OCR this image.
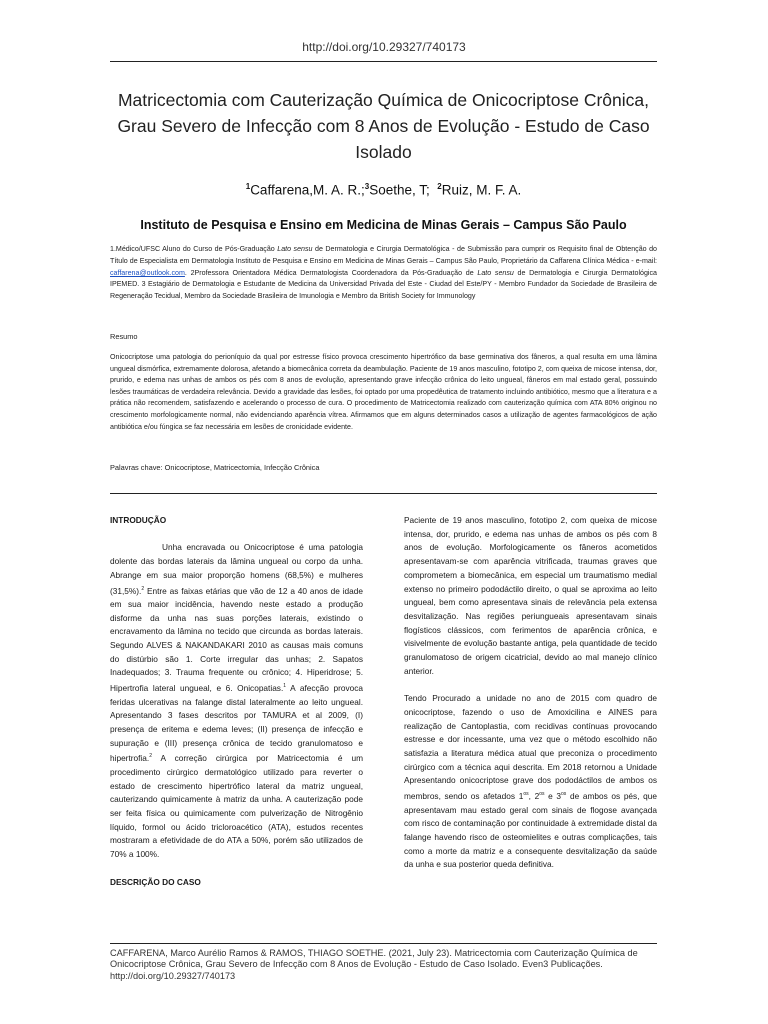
http://doi.org/10.29327/740173
Matricectomia com Cauterização Química de Onicocriptose Crônica, Grau Severo de Infecção com 8 Anos de Evolução - Estudo de Caso Isolado
$^1$Caffarena,M. A. R.;$^3$Soethe, T; $^2$Ruiz, M. F. A.
Instituto de Pesquisa e Ensino em Medicina de Minas Gerais – Campus São Paulo
1.Médico/UFSC Aluno do Curso de Pós-Graduação Lato sensu de Dermatologia e Cirurgia Dermatológica - de Submissão para cumprir os Requisito final de Obtenção do Título de Especialista em Dermatologia Instituto de Pesquisa e Ensino em Medicina de Minas Gerais – Campus São Paulo, Proprietário da Caffarena Clínica Médica - e-mail: caffarena@outlook.com. 2Professora Orientadora Médica Dermatologista Coordenadora da Pós-Graduação de Lato sensu de Dermatologia e Cirurgia Dermatológica IPEMED. 3 Estagiário de Dermatologia e Estudante de Medicina da Universidad Privada del Este - Ciudad del Este/PY - Membro Fundador da Sociedade de Brasileira de Regeneração Tecidual, Membro da Sociedade Brasileira de Imunologia e Membro da British Society for Immunology
Resumo
Onicocriptose uma patologia do perioníquio da qual por estresse físico provoca crescimento hipertrófico da base germinativa dos fâneros, a qual resulta em uma lâmina ungueal dismórfica, extremamente dolorosa, afetando a biomecânica correta da deambulação. Paciente de 19 anos masculino, fototipo 2, com queixa de micose intensa, dor, prurido, e edema nas unhas de ambos os pés com 8 anos de evolução, apresentando grave infecção crônica do leito ungueal, fâneros em mal estado geral, possuindo lesões traumáticas de verdadeira relevância. Devido a gravidade das lesões, foi optado por uma propedêutica de tratamento incluindo antibiótico, mesmo que a literatura e a prática não recomendem, satisfazendo e acelerando o processo de cura. O procedimento de Matricectomia realizado com cauterização química com ATA 80% originou no crescimento morfologicamente normal, não evidenciando aparência vítrea. Afirmamos que em alguns determinados casos a utilização de agentes farmacológicos de ação antibiótica e/ou fúngica se faz necessária em lesões de cronicidade evidente.
Palavras chave: Onicocriptose, Matricectomia, Infecção Crônica
INTRODUÇÃO

Unha encravada ou Onicocriptose é uma patologia dolente das bordas laterais da lâmina ungueal ou corpo da unha. Abrange em sua maior proporção homens (68,5%) e mulheres (31,5%).$^2$ Entre as faixas etárias que vão de 12 a 40 anos de idade em sua maior incidência, havendo neste estado a produção disforme da unha nas suas porções laterais, existindo o encravamento da lâmina no tecido que circunda as bordas laterais. Segundo ALVES & NAKANDAKARI 2010 as causas mais comuns do distúrbio são 1. Corte irregular das unhas; 2. Sapatos Inadequados; 3. Trauma frequente ou crônico; 4. Hiperidrose; 5. Hipertrofia lateral ungueal, e 6. Onicopatias.$^1$ A afecção provoca feridas ulcerativas na falange distal lateralmente ao leito ungueal. Apresentando 3 fases descritos por TAMURA et al 2009, (I) presença de eritema e edema leves; (II) presença de infecção e supuração e (III) presença crônica de tecido granulomatoso e hipertrofia.$^2$ A correção cirúrgica por Matricectomia é um procedimento cirúrgico dermatológico utilizado para reverter o estado de crescimento hipertrófico lateral da matriz ungueal, cauterizando quimicamente à matriz da unha. A cauterização pode ser feita física ou quimicamente com pulverização de Nitrogênio líquido, formol ou ácido tricloroacético (ATA), estudos recentes mostraram a efetividade de do ATA a 50%, porém são utilizados de 70% a 100%.

DESCRIÇÃO DO CASO

Paciente de 19 anos masculino, fototipo 2, com queixa de micose intensa, dor, prurido, e edema nas unhas de ambos os pés com 8 anos de evolução. Morfologicamente os fâneros acometidos apresentavam-se com aparência vitrificada, traumas graves que comprometem a biomecânica, em especial um traumatismo medial extenso no primeiro pododáctilo direito, o qual se aproxima ao leito ungueal, bem como apresentava sinais de relevância pela extensa desvitalização. Nas regiões periungueais apresentavam sinais flogísticos clássicos, com ferimentos de aparência crônica, e visivelmente de evolução bastante antiga, pela quantidade de tecido granulomatoso de origem cicatricial, devido ao mal manejo clínico anterior.

Tendo Procurado a unidade no ano de 2015 com quadro de onicocriptose, fazendo o uso de Amoxicilina e AINES para realização de Cantoplastia, com recidivas contínuas provocando estresse e dor incessante, uma vez que o método escolhido não satisfazia a literatura médica atual que preconiza o procedimento cirúrgico com a técnica aqui descrita. Em 2018 retornou a Unidade Apresentando onicocriptose grave dos pododáctilos de ambos os membros, sendo os afetados $1^{os}$, $2^{os}$ e $3^{os}$ de ambos os pés, que apresentavam mau estado geral com sinais de flogose avançada com risco de contaminação por continuidade à extremidade distal da falange havendo risco de osteomielites e outras complicações, tais como a morte da matriz e a consequente desvitalização da saúde da unha e sua posterior queda definitiva.

CAFFARENA, Marco Aurélio Ramos & RAMOS, THIAGO SOETHE. (2021, July 23). Matricectomia com Cauterização Química de Onicocriptose Crônica, Grau Severo de Infecção com 8 Anos de Evolução - Estudo de Caso Isolado. Even3 Publicações. http://doi.org/10.29327/740173
